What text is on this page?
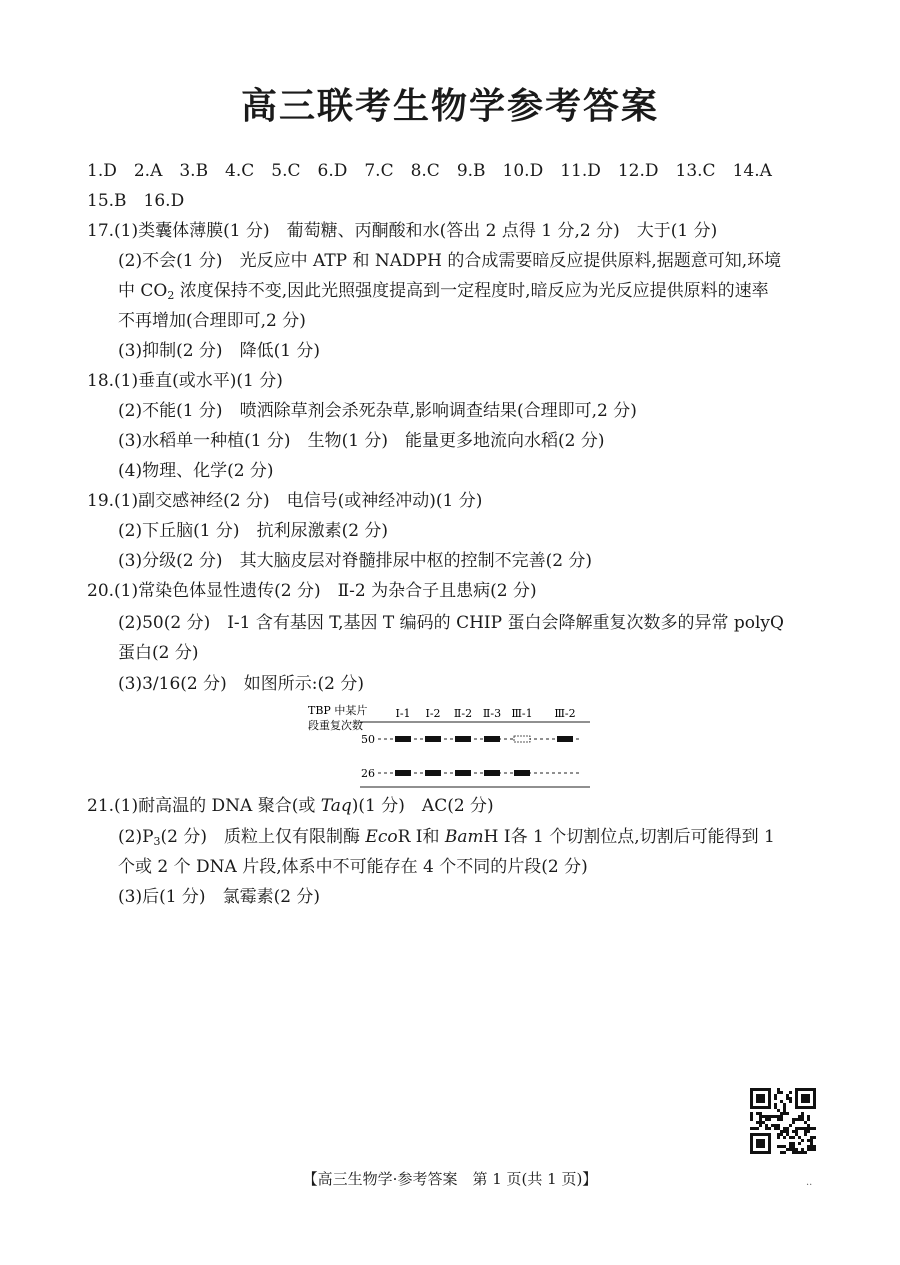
高三联考生物学参考答案
1.D　2.A　3.B　4.C　5.C　6.D　7.C　8.C　9.B　10.D　11.D　12.D　13.C　14.A
15.B　16.D
17.(1)类囊体薄膜(1 分)　葡萄糖、丙酮酸和水(答出 2 点得 1 分,2 分)　大于(1 分)
(2)不会(1 分)　光反应中 ATP 和 NADPH 的合成需要暗反应提供原料,据题意可知,环境
中 $CO_2$ 浓度保持不变,因此光照强度提高到一定程度时,暗反应为光反应提供原料的速率
不再增加(合理即可,2 分)
(3)抑制(2 分)　降低(1 分)
18.(1)垂直(或水平)(1 分)
(2)不能(1 分)　喷洒除草剂会杀死杂草,影响调查结果(合理即可,2 分)
(3)水稻单一种植(1 分)　生物(1 分)　能量更多地流向水稻(2 分)
(4)物理、化学(2 分)
19.(1)副交感神经(2 分)　电信号(或神经冲动)(1 分)
(2)下丘脑(1 分)　抗利尿激素(2 分)
(3)分级(2 分)　其大脑皮层对脊髓排尿中枢的控制不完善(2 分)
20.(1)常染色体显性遗传(2 分)　Ⅱ-2 为杂合子且患病(2 分)
(2)50(2 分)　Ⅰ-1 含有基因 T,基因 T 编码的 CHIP 蛋白会降解重复次数多的异常 polyQ
蛋白(2 分)
(3)3/16(2 分)　如图所示:(2 分)
TBP 中某片
段重复次数
50
26
Ⅰ-1 Ⅰ-2 Ⅱ-2 Ⅱ-3 Ⅲ-1 Ⅲ-2
21.(1)耐高温的 DNA 聚合(或 Taq)(1 分)　AC(2 分)
$(2)P_3(2$ 分)　质粒上仅有限制酶 EcoR Ⅰ和 BamH Ⅰ各 1 个切割位点,切割后可能得到 1
个或 2 个 DNA 片段,体系中不可能存在 4 个不同的片段(2 分)
(3)后(1 分)　氯霉素(2 分)
【高三生物学·参考答案　第 1 页(共 1 页)】	··
